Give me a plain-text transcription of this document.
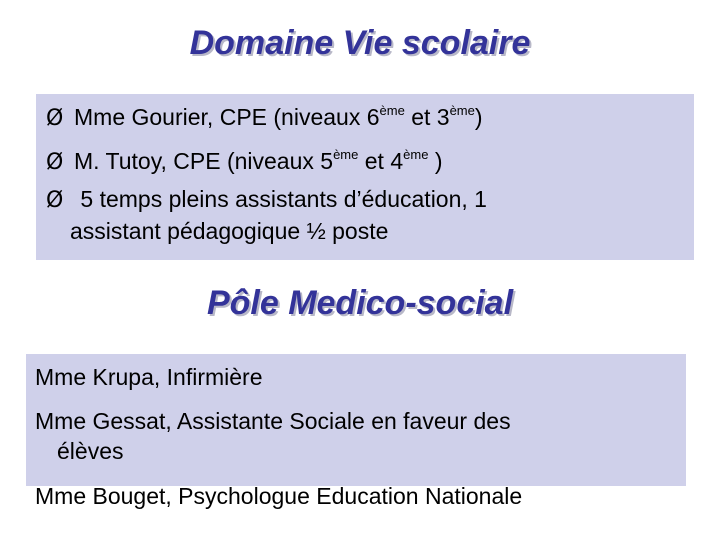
Domaine Vie scolaire
Ø Mme Gourier, CPE (niveaux 6ème et 3ème)
Ø M. Tutoy, CPE (niveaux 5ème et 4ème )
Ø 5 temps pleins assistants d’éducation, 1
assistant pédagogique ½ poste
Pôle Medico-social
Mme Krupa, Infirmière
Mme Gessat, Assistante Sociale en faveur des
élèves
Mme Bouget, Psychologue Education Nationale
